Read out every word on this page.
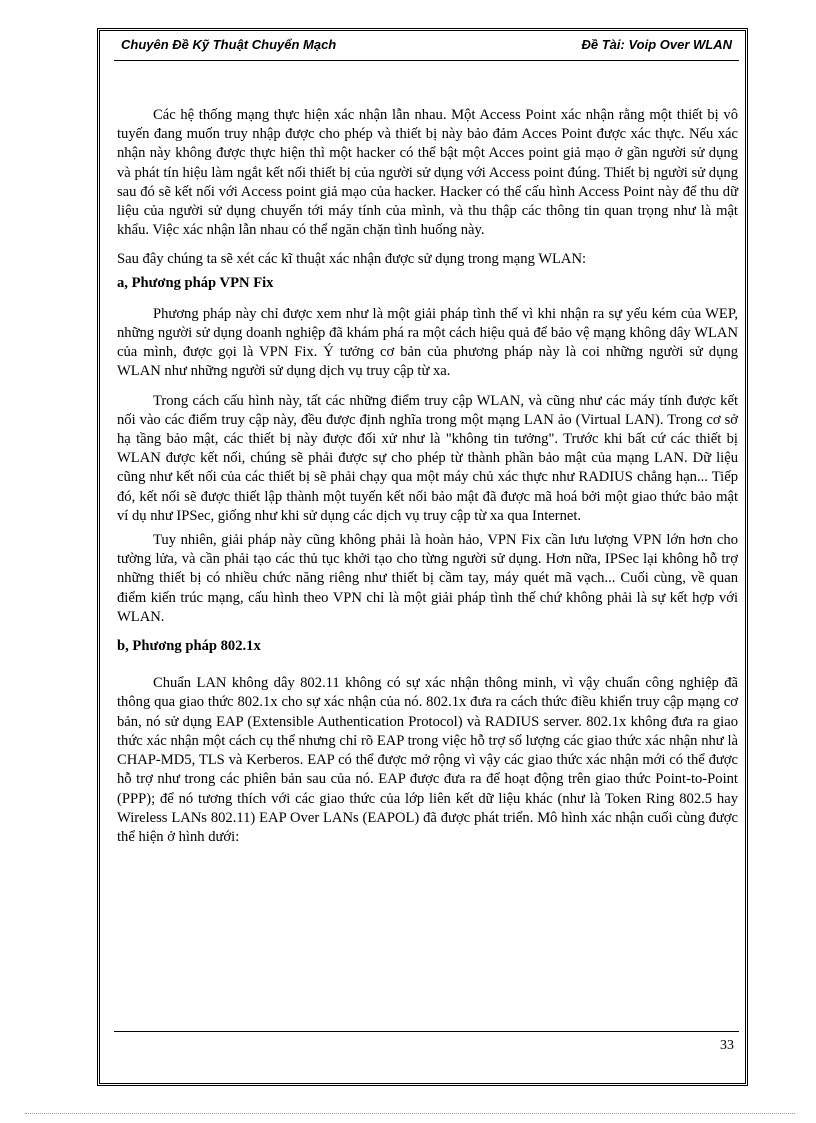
Chuyên Đề Kỹ Thuật Chuyển Mạch	Đề Tài: Voip Over WLAN

Các hệ thống mạng thực hiện xác nhận lẫn nhau. Một Access Point xác nhận rằng một thiết bị vô tuyến đang muốn truy nhập được cho phép và thiết bị này bảo đảm Acces Point được xác thực. Nếu xác nhận này không được thực hiện thì một hacker có thể bật một Acces point giả mạo ở gần người sử dụng và phát tín hiệu làm ngắt kết nối thiết bị của người sử dụng với Access point đúng. Thiết bị người sử dụng sau đó sẽ kết nối với Access point giả mạo của hacker. Hacker có thể cấu hình Access Point này để thu dữ liệu của người sử dụng chuyển tới máy tính của mình, và thu thập các thông tin quan trọng như là mật khẩu. Việc xác nhận lẫn nhau có thể ngăn chặn tình huống này.

Sau đây chúng ta sẽ xét các kĩ thuật xác nhận được sử dụng trong mạng WLAN:

a, Phương pháp VPN Fix

Phương pháp này chỉ được xem như là một giải pháp tình thế vì khi nhận ra sự yếu kém của WEP, những người sử dụng doanh nghiệp đã khám phá ra một cách hiệu quả để bảo vệ mạng không dây WLAN của mình, được gọi là VPN Fix. Ý tưởng cơ bản của phương pháp này là coi những người sử dụng WLAN như những người sử dụng dịch vụ truy cập từ xa.

Trong cách cấu hình này, tất các những điểm truy cập WLAN, và cũng như các máy tính được kết nối vào các điểm truy cập này, đều được định nghĩa trong một mạng LAN ảo (Virtual LAN). Trong cơ sở hạ tầng bảo mật, các thiết bị này được đối xử như là "không tin tưởng". Trước khi bất cứ các thiết bị WLAN được kết nối, chúng sẽ phải được sự cho phép từ thành phần bảo mật của mạng LAN. Dữ liệu cũng như kết nối của các thiết bị sẽ phải chạy qua một máy chủ xác thực như RADIUS chẳng hạn... Tiếp đó, kết nối sẽ được thiết lập thành một tuyến kết nối bảo mật đã được mã hoá bởi một giao thức bảo mật ví dụ như IPSec, giống như khi sử dụng các dịch vụ truy cập từ xa qua Internet.

Tuy nhiên, giải pháp này cũng không phải là hoàn hảo, VPN Fix cần lưu lượng VPN lớn hơn cho tường lửa, và cần phải tạo các thủ tục khởi tạo cho từng người sử dụng. Hơn nữa, IPSec lại không hỗ trợ những thiết bị có nhiều chức năng riêng như thiết bị cầm tay, máy quét mã vạch... Cuối cùng, về quan điểm kiến trúc mạng, cấu hình theo VPN chỉ là một giải pháp tình thế chứ không phải là sự kết hợp với WLAN.

b, Phương pháp 802.1x

Chuẩn LAN không dây 802.11 không có sự xác nhận thông minh, vì vậy chuẩn công nghiệp đã thông qua giao thức 802.1x cho sự xác nhận của nó. 802.1x đưa ra cách thức điều khiển truy cập mạng cơ bản, nó sử dụng EAP (Extensible Authentication Protocol) và RADIUS server. 802.1x không đưa ra giao thức xác nhận một cách cụ thể nhưng chỉ rõ EAP trong việc hỗ trợ số lượng các giao thức xác nhận như là CHAP-MD5, TLS và Kerberos. EAP có thể được mở rộng vì vậy các giao thức xác nhận mới có thể được hỗ trợ như trong các phiên bản sau của nó. EAP được đưa ra để hoạt động trên giao thức Point-to-Point (PPP); để nó tương thích với các giao thức của lớp liên kết dữ liệu khác (như là Token Ring 802.5 hay Wireless LANs 802.11) EAP Over LANs (EAPOL) đã được phát triển. Mô hình xác nhận cuối cùng được thể hiện ở hình dưới:

33
